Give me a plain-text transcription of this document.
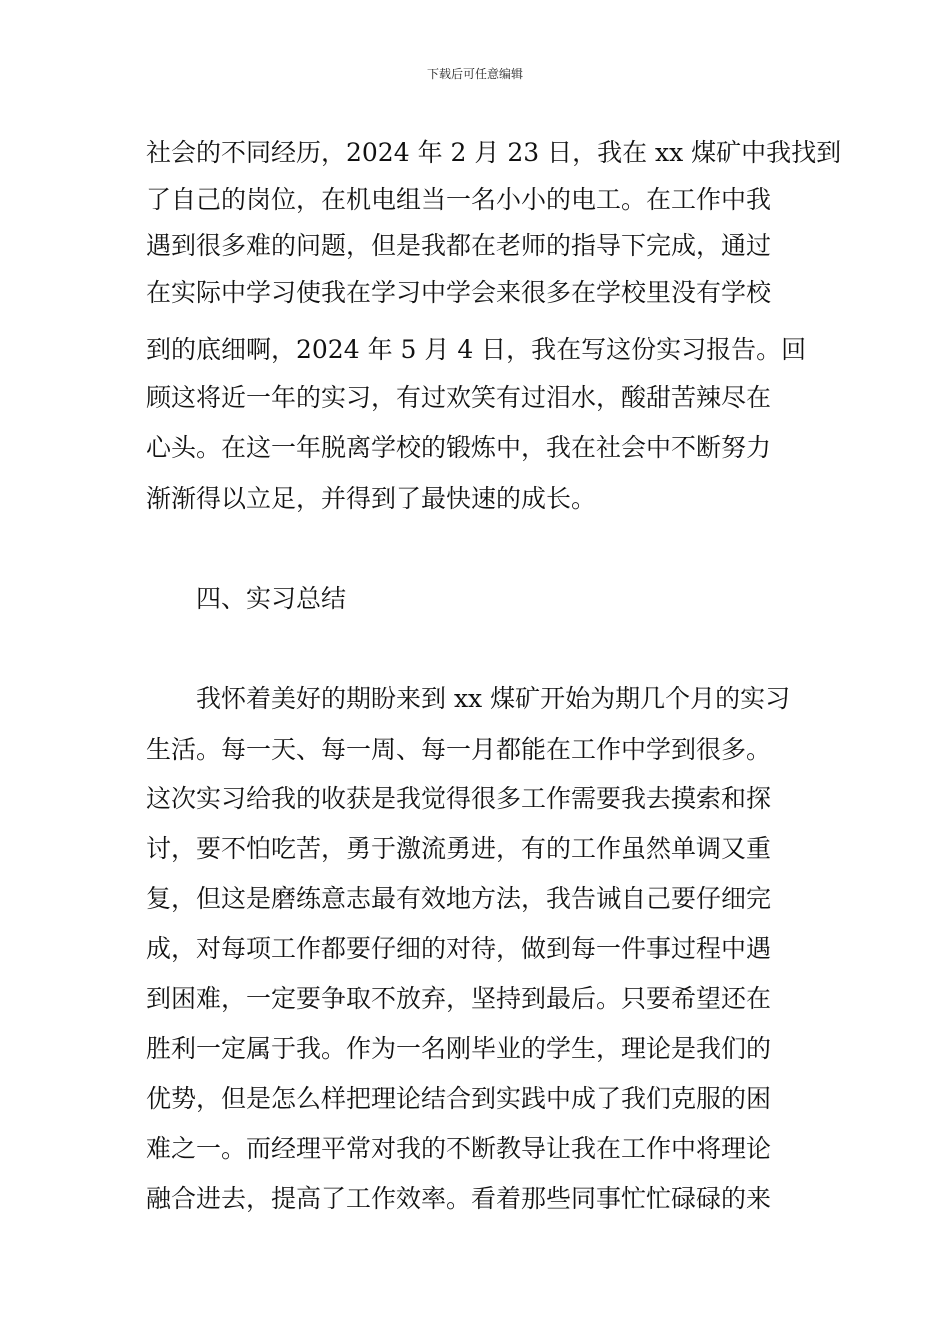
下载后可任意编辑
社会的不同经历，2024 年 2 月 23 日，我在 xx 煤矿中我找到
了自己的岗位，在机电组当一名小小的电工。在工作中我
遇到很多难的问题，但是我都在老师的指导下完成，通过
在实际中学习使我在学习中学会来很多在学校里没有学校
到的底细啊，2024 年 5 月 4 日，我在写这份实习报告。回
顾这将近一年的实习，有过欢笑有过泪水，酸甜苦辣尽在
心头。在这一年脱离学校的锻炼中，我在社会中不断努力
渐渐得以立足，并得到了最快速的成长。
四、实习总结
我怀着美好的期盼来到 xx 煤矿开始为期几个月的实习
生活。每一天、每一周、每一月都能在工作中学到很多。
这次实习给我的收获是我觉得很多工作需要我去摸索和探
讨，要不怕吃苦，勇于激流勇进，有的工作虽然单调又重
复，但这是磨练意志最有效地方法，我告诫自己要仔细完
成，对每项工作都要仔细的对待，做到每一件事过程中遇
到困难，一定要争取不放弃，坚持到最后。只要希望还在
胜利一定属于我。作为一名刚毕业的学生，理论是我们的
优势，但是怎么样把理论结合到实践中成了我们克服的困
难之一。而经理平常对我的不断教导让我在工作中将理论
融合进去，提高了工作效率。看着那些同事忙忙碌碌的来
